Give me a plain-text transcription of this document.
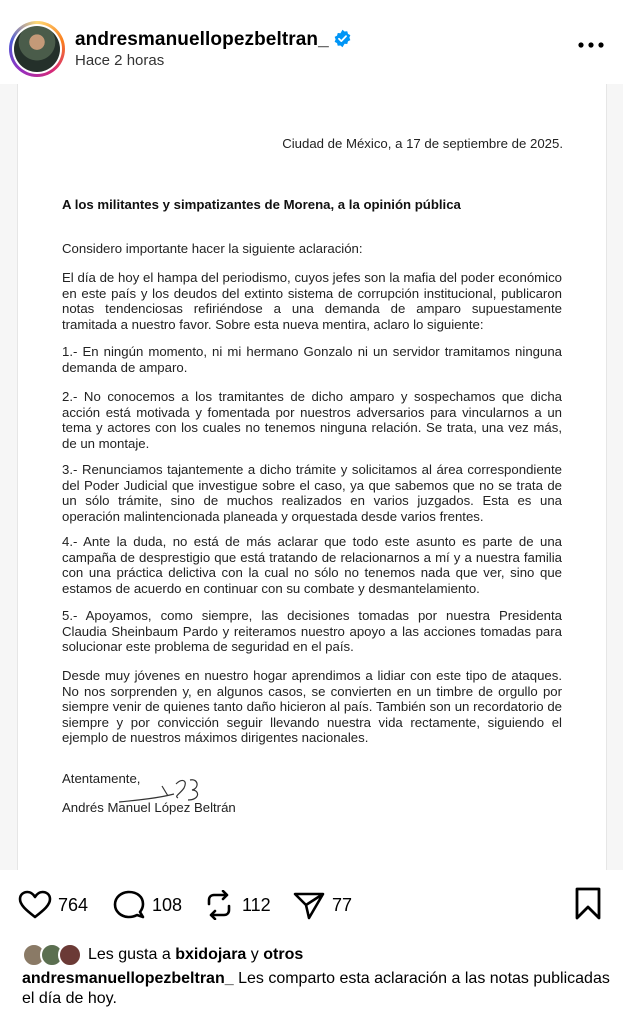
andresmanuellopezbeltran_
Hace 2 horas
Ciudad de México, a 17 de septiembre de 2025.
A los militantes y simpatizantes de Morena, a la opinión pública
Considero importante hacer la siguiente aclaración:
El día de hoy el hampa del periodismo, cuyos jefes son la mafia del poder económico en este país y los deudos del extinto sistema de corrupción institucional, publicaron notas tendenciosas refiriéndose a una demanda de amparo supuestamente tramitada a nuestro favor. Sobre esta nueva mentira, aclaro lo siguiente:
1.- En ningún momento, ni mi hermano Gonzalo ni un servidor tramitamos ninguna demanda de amparo.
2.- No conocemos a los tramitantes de dicho amparo y sospechamos que dicha acción está motivada y fomentada por nuestros adversarios para vincularnos a un tema y actores con los cuales no tenemos ninguna relación. Se trata, una vez más, de un montaje.
3.- Renunciamos tajantemente a dicho trámite y solicitamos al área correspondiente del Poder Judicial que investigue sobre el caso, ya que sabemos que no se trata de un sólo trámite, sino de muchos realizados en varios juzgados. Esta es una operación malintencionada planeada y orquestada desde varios frentes.
4.- Ante la duda, no está de más aclarar que todo este asunto es parte de una campaña de desprestigio que está tratando de relacionarnos a mí y a nuestra familia con una práctica delictiva con la cual no sólo no tenemos nada que ver, sino que estamos de acuerdo en continuar con su combate y desmantelamiento.
5.- Apoyamos, como siempre, las decisiones tomadas por nuestra Presidenta Claudia Sheinbaum Pardo y reiteramos nuestro apoyo a las acciones tomadas para solucionar este problema de seguridad en el país.
Desde muy jóvenes en nuestro hogar aprendimos a lidiar con este tipo de ataques. No nos sorprenden y, en algunos casos, se convierten en un timbre de orgullo por siempre venir de quienes tanto daño hicieron al país. También son un recordatorio de siempre y por convicción seguir llevando nuestra vida rectamente, siguiendo el ejemplo de nuestros máximos dirigentes nacionales.
Atentamente,
Andrés Manuel López Beltrán
764	108	112	77
Les gusta a bxidojara y otros
andresmanuellopezbeltran_ Les comparto esta aclaración a las notas publicadas el día de hoy.
